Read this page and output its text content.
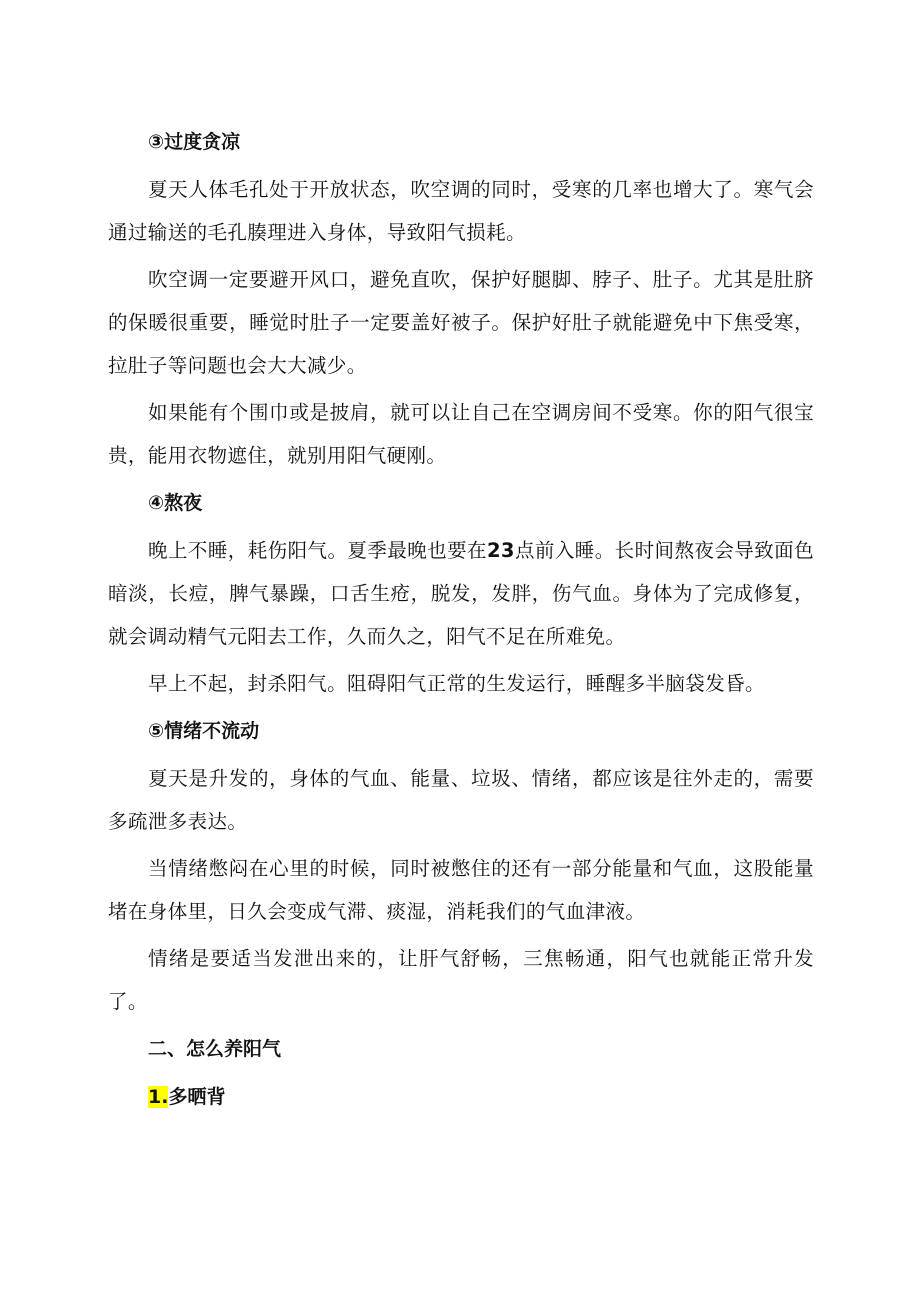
③过度贪凉

夏天人体毛孔处于开放状态，吹空调的同时，受寒的几率也增大了。寒气会通过输送的毛孔腠理进入身体，导致阳气损耗。

吹空调一定要避开风口，避免直吹，保护好腿脚、脖子、肚子。尤其是肚脐的保暖很重要，睡觉时肚子一定要盖好被子。保护好肚子就能避免中下焦受寒，拉肚子等问题也会大大减少。

如果能有个围巾或是披肩，就可以让自己在空调房间不受寒。你的阳气很宝贵，能用衣物遮住，就别用阳气硬刚。

④熬夜

晚上不睡，耗伤阳气。夏季最晚也要在23点前入睡。长时间熬夜会导致面色暗淡，长痘，脾气暴躁，口舌生疮，脱发，发胖，伤气血。身体为了完成修复，就会调动精气元阳去工作，久而久之，阳气不足在所难免。

早上不起，封杀阳气。阻碍阳气正常的生发运行，睡醒多半脑袋发昏。

⑤情绪不流动

夏天是升发的，身体的气血、能量、垃圾、情绪，都应该是往外走的，需要多疏泄多表达。

当情绪憋闷在心里的时候，同时被憋住的还有一部分能量和气血，这股能量堵在身体里，日久会变成气滞、痰湿，消耗我们的气血津液。

情绪是要适当发泄出来的，让肝气舒畅，三焦畅通，阳气也就能正常升发了。

二、怎么养阳气
1.多晒背
